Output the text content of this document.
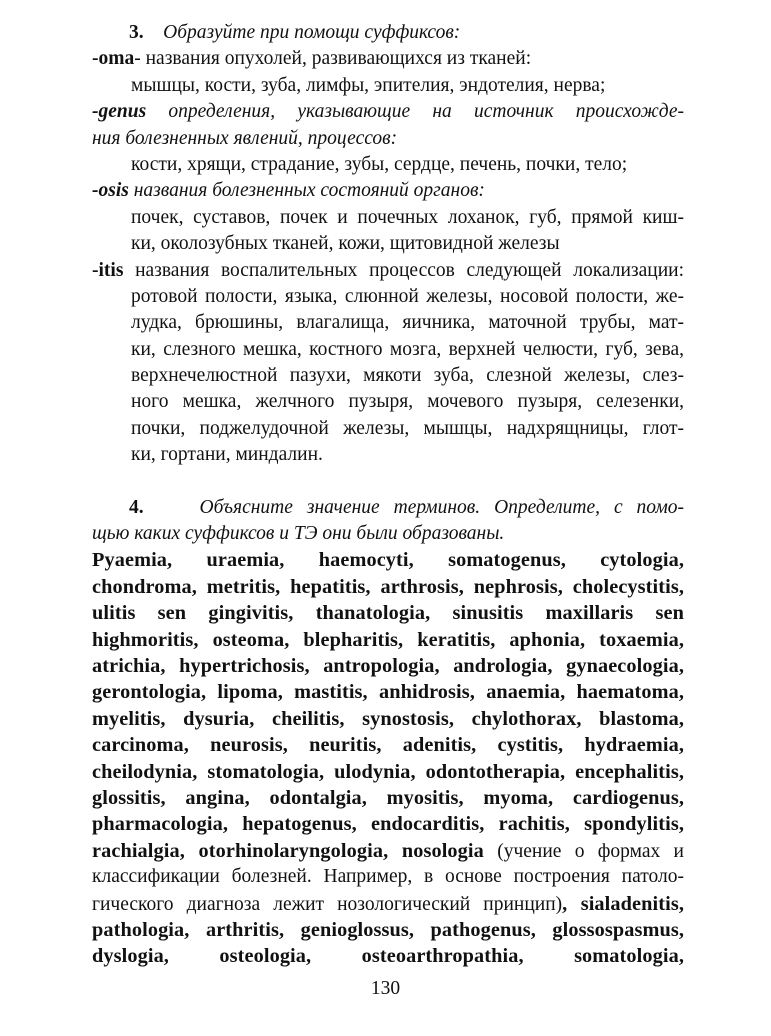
3. Образуйте при помощи суффиксов:
-oma- названия опухолей, развивающихся из тканей:
мышцы, кости, зуба, лимфы, эпителия, эндотелия, нерва;
-genus определения, указывающие на источник происхожде-
ния болезненных явлений, процессов:
кости, хрящи, страдание, зубы, сердце, печень, почки, тело;
-osis названия болезненных состояний органов:
почек, суставов, почек и почечных лоханок, губ, прямой киш-
ки, околозубных тканей, кожи, щитовидной железы
-itis названия воспалительных процессов следующей локализации:
ротовой полости, языка, слюнной железы, носовой полости, же-
лудка, брюшины, влагалища, яичника, маточной трубы, мат-
ки, слезного мешка, костного мозга, верхней челюсти, губ, зева,
верхнечелюстной пазухи, мякоти зуба, слезной железы, слез-
ного мешка, желчного пузыря, мочевого пузыря, селезенки,
почки, поджелудочной железы, мышцы, надхрящницы, глот-
ки, гортани, миндалин.
4.	Объясните значение терминов. Определите, с помо-
щью каких суффиксов и ТЭ они были образованы.
Pyaemia, uraemia, haemocyti, somatogenus, cytologia,
chondroma, metritis, hepatitis, arthrosis, nephrosis, cholecystitis,
ulitis sen gingivitis, thanatologia, sinusitis maxillaris sen
highmoritis, osteoma, blepharitis, keratitis, aphonia, toxaemia,
atrichia, hypertrichosis, antropologia, andrologia, gynaecologia,
gerontologia, lipoma, mastitis, anhidrosis, anaemia, haematoma,
myelitis, dysuria, cheilitis, synostosis, chylothorax, blastoma,
carcinoma, neurosis, neuritis, adenitis, cystitis, hydraemia,
cheilodynia, stomatologia, ulodynia, odontotherapia, encephalitis,
glossitis, angina, odontalgia, myositis, myoma, cardiogenus,
pharmacologia, hepatogenus, endocarditis, rachitis, spondylitis,
rachialgia, otorhinolaryngologia, nosologia (учение о формах и
классификации болезней. Например, в основе построения патоло-
гического диагноза лежит нозологический принцип), sialadenitis,
pathologia, arthritis, genioglossus, pathogenus, glossospasmus,
dyslogia, osteologia, osteoarthropathia, somatologia,
130
